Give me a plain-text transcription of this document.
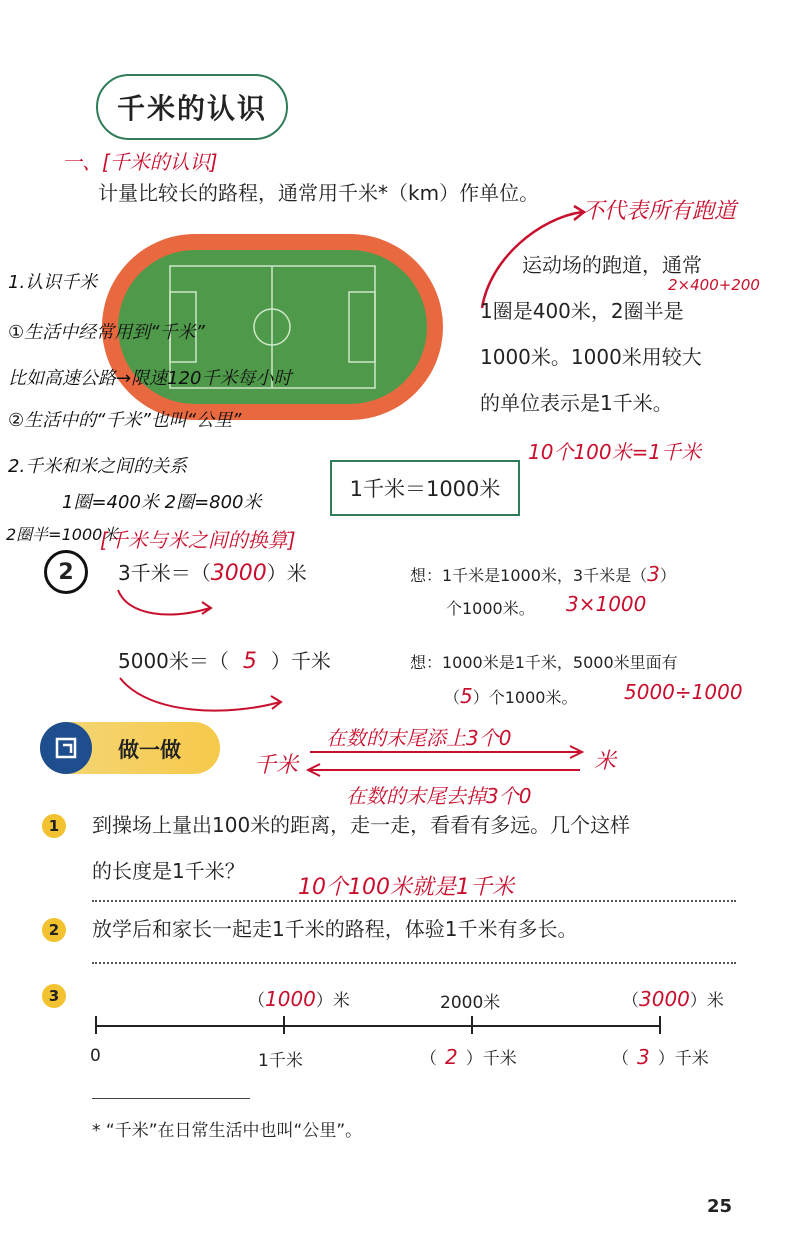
千米的认识
一、[千米的认识]
计量比较长的路程，通常用千米*（km）作单位。
不代表所有跑道
1.认识千米
①生活中经常用到“千米”
比如高速公路→限速120千米每小时
②生活中的“千米”也叫“公里”
2.千米和米之间的关系
1圈=400米 2圈=800米
2圈半=1000米
2×400+200
运动场的跑道，通常
1圈是400米，2圈半是
1000米。1000米用较大
的单位表示是1千米。
10个100米=1千米
1千米＝1000米
[千米与米之间的换算]
2	3千米＝（3000）米	想：1千米是1000米，3千米是（3）
个1000米。 3×1000
5000米＝（ 5 ）千米	想：1000米是1千米，5000米里面有
（5）个1000米。 5000÷1000
做一做	在数的末尾添上3个0
千米	米
在数的末尾去掉3个0
1	到操场上量出100米的距离，走一走，看看有多远。几个这样
的长度是1千米？
10个100米就是1千米
2	放学后和家长一起走1千米的路程，体验1千米有多长。
3	（1000）米	2000米	（3000）米
0	1千米	（ 2 ）千米	（ 3 ）千米
* “千米”在日常生活中也叫“公里”。
25
